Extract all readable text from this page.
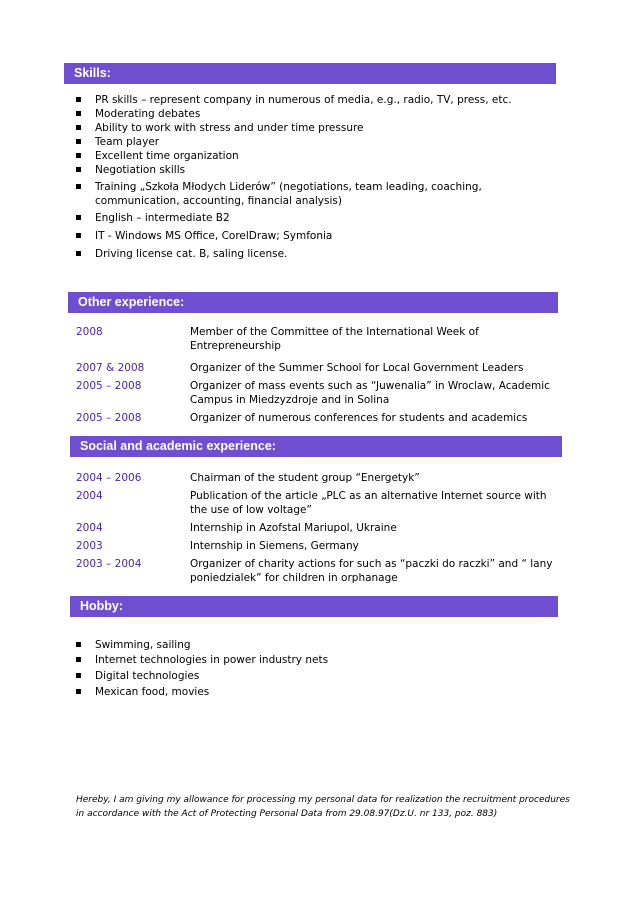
Skills:
PR skills – represent company in numerous of media, e.g., radio, TV, press, etc.
Moderating debates
Ability to work with stress and under time pressure
Team player
Excellent time organization
Negotiation skills
Training „Szkoła Młodych Liderów” (negotiations, team leading, coaching, communication, accounting, financial analysis)
English – intermediate B2
IT - Windows MS Office, CorelDraw; Symfonia
Driving license cat. B, saling license.
Other experience:
2008	Member of the Committee of the International Week of Entrepreneurship
2007 & 2008	Organizer of the Summer School for Local Government Leaders
2005 – 2008	Organizer of mass events such as “Juwenalia” in Wroclaw, Academic Campus in Miedzyzdroje and in Solina
2005 – 2008	Organizer of numerous conferences for students and academics
Social and academic experience:
2004 – 2006	Chairman of the student group “Energetyk”
2004	Publication of the article „PLC as an alternative Internet source with the use of low voltage”
2004	Internship in Azofstal Mariupol, Ukraine
2003	Internship in Siemens, Germany
2003 – 2004	Organizer of charity actions for such as “paczki do raczki” and “ lany poniedzialek” for children in orphanage
Hobby:
Swimming, sailing
Internet technologies in power industry nets
Digital technologies
Mexican food, movies
Hereby, I am giving my allowance for processing my personal data for realization the recruitment procedures in accordance with the Act of Protecting Personal Data from 29.08.97(Dz.U. nr 133, poz. 883)
